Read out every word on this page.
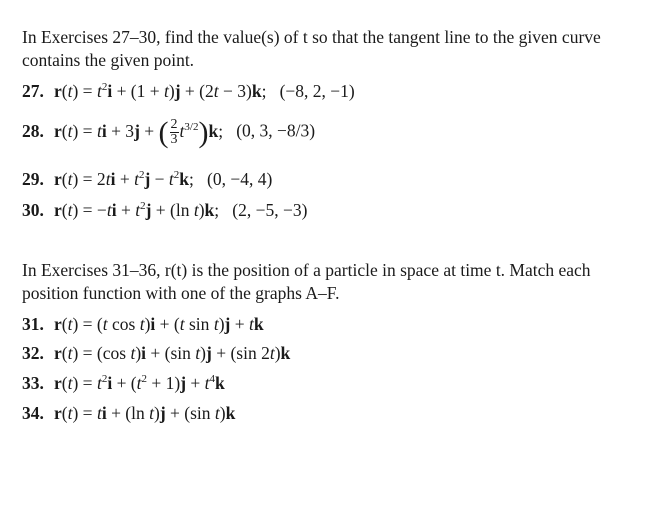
In Exercises 27–30, find the value(s) of t so that the tangent line to the given curve contains the given point.
27. $r(t) = t^2i + (1 + t)j + (2t - 3)k$; (−8, 2, −1)
28. r(t) = ti + 3j + ( $\frac{2}{3} t^{3/2})k$; (0, 3, −8/3)
29. $r(t) = 2ti + t^2j - t^2k$; (0, −4, 4)
30. $r(t) = -ti + t^2j + (\ln$ t)k; (2, −5, −3)
In Exercises 31–36, r(t) is the position of a particle in space at time t. Match each position function with one of the graphs A–F.
31. r(t) = (t cos t)i + (t sin t)j + tk
32. r(t) = (cos t)i + (sin t)j + (sin 2t)k
33. $r(t) = t^2i + (t^2 + 1)j + t^4k$
34. r(t) = ti + (ln t)j + (sin t)k
